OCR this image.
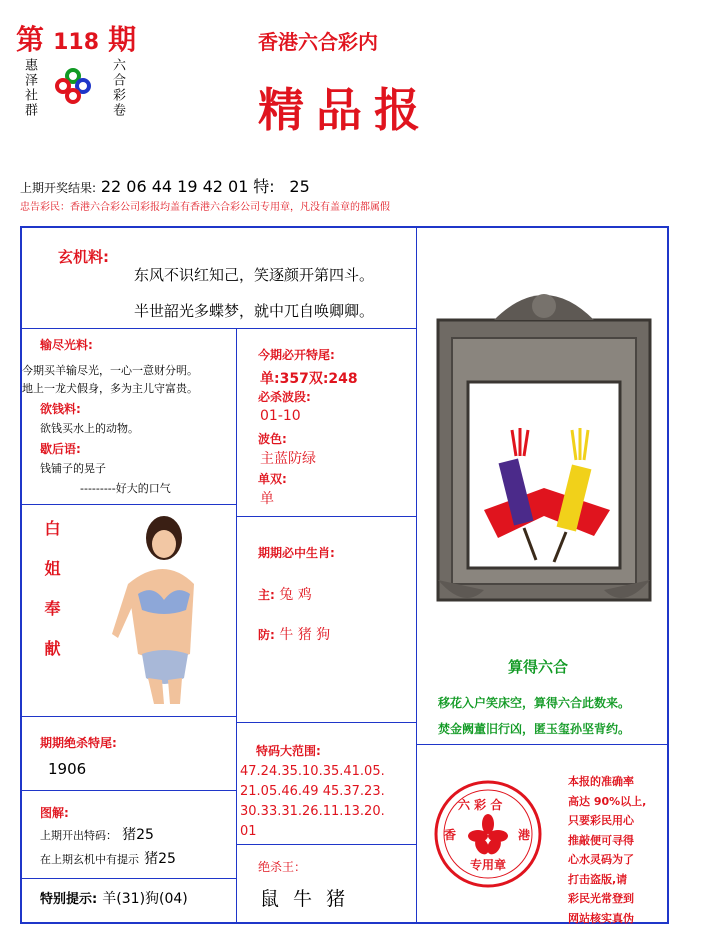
第 118 期
惠泽社群	六合彩卷
香港六合彩内
精品报
上期开奖结果: 22 06 44 19 42 01 特: 25
忠告彩民：香港六合彩公司彩报均盖有香港六合彩公司专用章，凡没有盖章的都属假
玄机料:
东风不识红知己，笑逐颜开第四斗。
半世韶光多蝶梦，就中兀自唤卿卿。
输尽光料:
今期买羊输尽光，一心一意财分明。
地上一龙犬假身，多为主儿守富贵。
欲钱料:
欲钱买水上的动物。
歇后语:
钱铺子的晃子
---------好大的口气
今期必开特尾:
单:357双:248
必杀波段:
01-10
波色:
主蓝防绿
单双:
单
期期必中生肖:
主: 兔 鸡
防: 牛 猪 狗
白姐奉献	算得六合
移花入户笑床空，算得六合此数来。
焚金阙董旧行凶，匿玉玺孙坚背约。
期期绝杀特尾:
1906
特码大范围:
47.24.35.10.35.41.05.
21.05.46.49 45.37.23.
30.33.31.26.11.13.20.
01
图解:
上期开出特码： 猪25
在上期玄机中有提示 猪25
特别提示: 羊(31)狗(04)
绝杀王：
鼠 牛 猪
六 彩 合
香	港
专用章
本报的准确率
高达 90%以上,
只要彩民用心
推敲便可寻得
心水灵码为了
打击盗版,请
彩民光常登到
网站核实真伪
